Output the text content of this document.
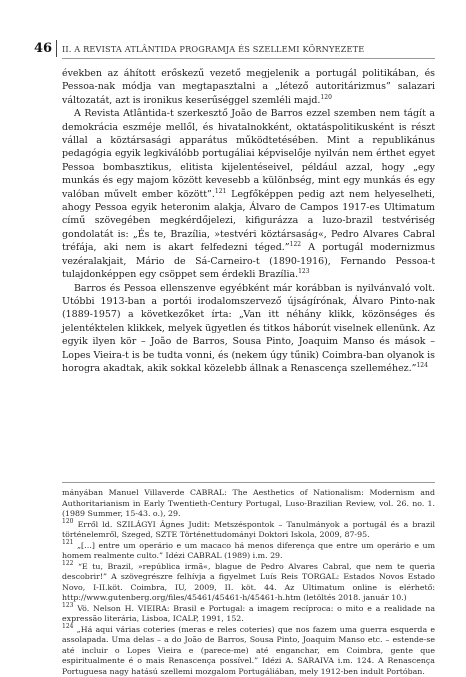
46 II. A REVISTA ATLÂNTIDA PROGRAMJA ÉS SZELLEMI KÖRNYEZETE

években az áhított erőskezű vezető megjelenik a portugál politikában, és Pessoa-nak módja van megtapasztalni a „létező autoritárizmus” salazari változatát, azt is ironikus keserűséggel szemléli majd.$^{120}$

A Revista Atlântida-t szerkesztő João de Barros ezzel szemben nem tágít a demokrácia eszméje mellől, és hivatalnokként, oktatáspolitikusként is részt vállal a köztársasági apparátus működtetésében. Mint a republikánus pedagógia egyik legkiválóbb portugáliai képviselője nyilván nem érthet egyet Pessoa bombasztikus, elitista kijelentéseivel, például azzal, hogy „egy munkás és egy majom között kevesebb a különbség, mint egy munkás és egy valóban művelt ember között”.$^{121}$ Legfőképpen pedig azt nem helyeselheti, ahogy Pessoa egyik heteronim alakja, Álvaro de Campos 1917-es Ultimatum című szövegében megkérdőjelezi, kifigurázza a luzo-brazil testvériség gondolatát is: „És te, Brazília, »testvéri köztársaság«, Pedro Alvares Cabral tréfája, aki nem is akart felfedezni téged.”$^{122}$ A portugál modernizmus vezéralakjait, Mário de Sá-Carneiro-t (1890-1916), Fernando Pessoa-t tulajdonképpen egy csöppet sem érdekli Brazília.$^{123}$

Barros és Pessoa ellenszenve egyébként már korábban is nyilvánvaló volt. Utóbbi 1913-ban a portói irodalomszervező újságírónak, Álvaro Pinto-nak (1889-1957) a következőket írta: „Van itt néhány klikk, közönséges és jelentéktelen klikkek, melyek ügyetlen és titkos háborút viselnek ellenünk. Az egyik ilyen kör – João de Barros, Sousa Pinto, Joaquim Manso és mások – Lopes Vieira-t is be tudta vonni, és (nekem úgy tűnik) Coimbra-ban olyanok is horogra akadtak, akik sokkal közelebb állnak a Renascença szelleméhez.”$^{124}$

mányában Manuel Villaverde CABRAL: The Aesthetics of Nationalism: Modernism and Authoritarianism in Early Twentieth-Century Portugal, Luso-Brazilian Review, vol. 26. no. 1. (1989 Summer, 15-43. o.), 29.

$^{120}$ Erről ld. SZILÁGYI Ágnes Judit: Metszéspontok – Tanulmányok a portugál és a brazil történelemről, Szeged, SZTE Történettudományi Doktori Iskola, 2009, 87-95.

$^{121}$ „[…] entre um operário e um macaco há menos diferença que entre um operário e um homem realmente culto.” Idézi CABRAL (1989) i.m. 29.

$^{122}$ “E tu, Brazil, »república irmã«, blague de Pedro Alvares Cabral, que nem te queria descobrir!” A szövegrészre felhívja a figyelmet Luís Reis TORGAL: Estados Novos Estado Novo, I-II.köt. Coimbra, IU, 2009, II. köt. 44. Az Ultimatum online is elérhető: http://www.gutenberg.org/files/45461/45461-h/45461-h.htm (letöltés 2018. január 10.)

$^{123}$ Vö. Nelson H. VIEIRA: Brasil e Portugal: a imagem recíproca: o mito e a realidade na expressão literária, Lisboa, ICALP, 1991, 152.

$^{124}$ „Há aqui várias coteries (meras e reles coteries) que nos fazem uma guerra esquerda e assolapada. Uma delas – a do João de Barros, Sousa Pinto, Joaquim Manso etc. – estende-se até incluir o Lopes Vieira e (parece-me) até enganchar, em Coimbra, gente que espiritualmente é o mais Renascença possível.” Idézi A. SARAIVA i.m. 124. A Renascença Portuguesa nagy hatású szellemi mozgalom Portugáliában, mely 1912-ben indult Portóban.
